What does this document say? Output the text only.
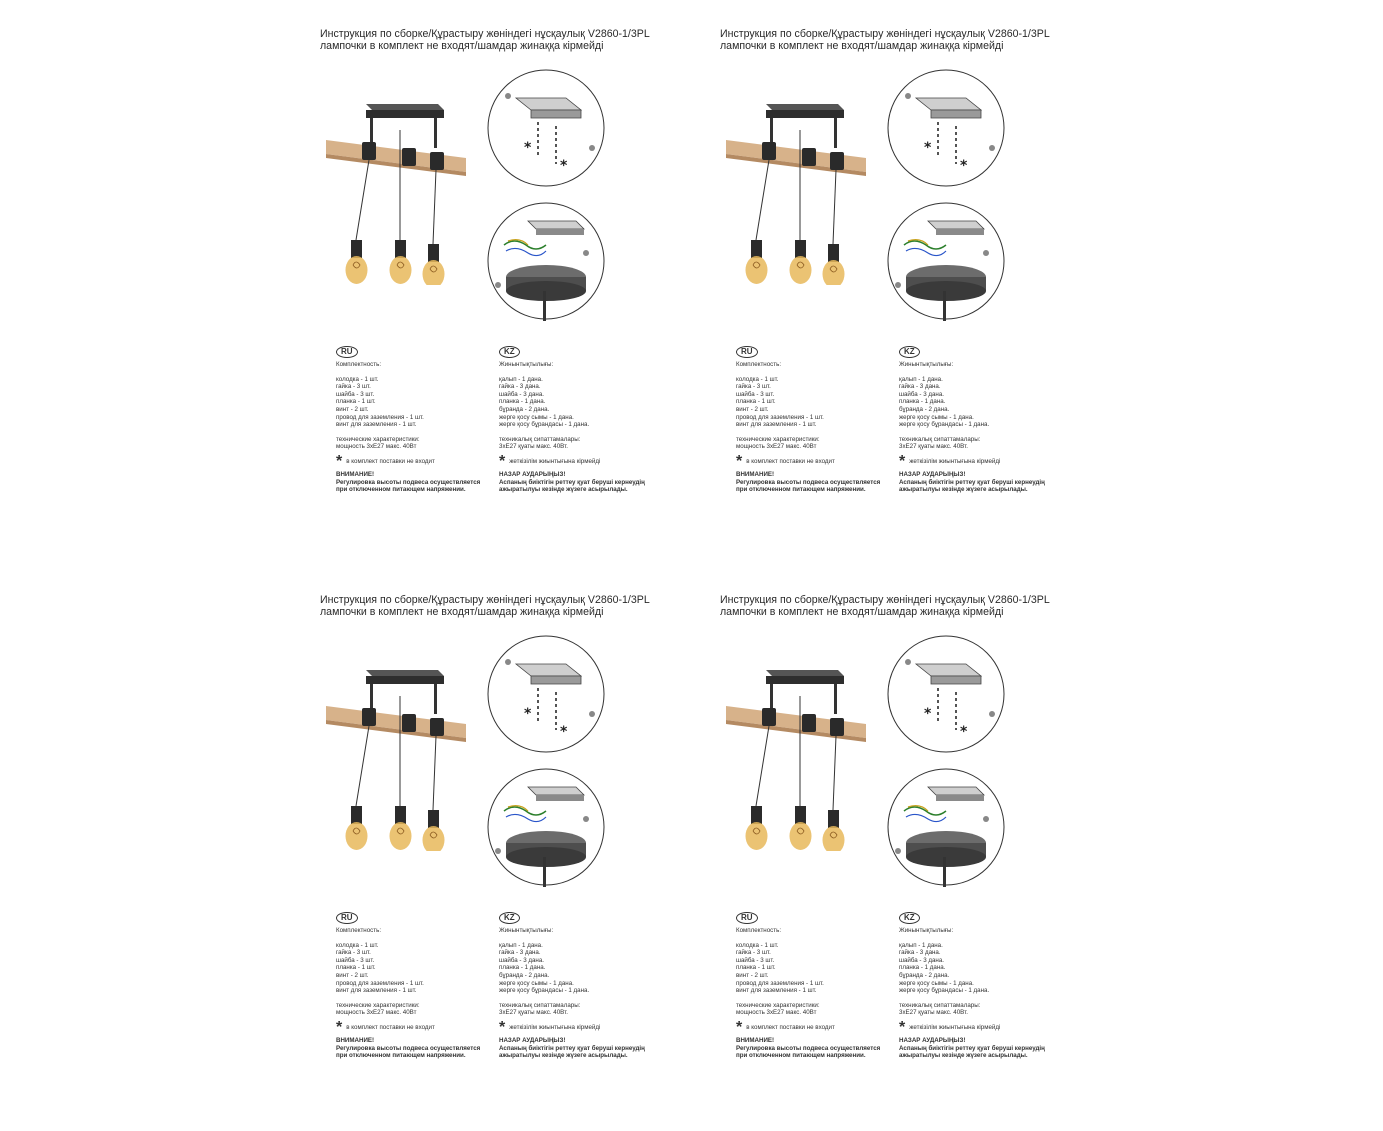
Инструкция по сборке/Құрастыру жөніндегі нұсқаулық V2860-1/3PL
лампочки в комплект не входят/шамдар жинаққа кірмейді
*
*
RU
Комплектность:
колодка - 1 шт.
гайка - 3 шт.
шайба - 3 шт.
планка - 1 шт.
винт - 2 шт.
провод для заземления - 1 шт.
винт для заземления - 1 шт.
технические характеристики:
мощность 3xE27 макс. 40Вт
* в комплект поставки не входит
ВНИМАНИЕ!
Регулировка высоты подвеса осуществляется
при отключенном питающем напряжении.
KZ
Жинынтықтылығы:
қалып - 1 дана.
гайка - 3 дана.
шайба - 3 дана.
планка - 1 дана.
бұранда - 2 дана.
жерге қосу сымы - 1 дана.
жерге қосу бұрандасы - 1 дана.
техникалық сипаттамалары:
3xE27 қуаты макс. 40Вт.
* жеткізілім жиынтығына кірмейді
НАЗАР АУДАРЫҢЫЗ!
Аспаның биіктігін реттеу қуат беруші кернеудің
ажыратылуы кезінде жүзеге асырылады.
Инструкция по сборке/Құрастыру жөніндегі нұсқаулық V2860-1/3PL
лампочки в комплект не входят/шамдар жинаққа кірмейді
*
*
RU
Комплектность:
колодка - 1 шт.
гайка - 3 шт.
шайба - 3 шт.
планка - 1 шт.
винт - 2 шт.
провод для заземления - 1 шт.
винт для заземления - 1 шт.
технические характеристики:
мощность 3xE27 макс. 40Вт
* в комплект поставки не входит
ВНИМАНИЕ!
Регулировка высоты подвеса осуществляется
при отключенном питающем напряжении.
KZ
Жинынтықтылығы:
қалып - 1 дана.
гайка - 3 дана.
шайба - 3 дана.
планка - 1 дана.
бұранда - 2 дана.
жерге қосу сымы - 1 дана.
жерге қосу бұрандасы - 1 дана.
техникалық сипаттамалары:
3xE27 қуаты макс. 40Вт.
* жеткізілім жиынтығына кірмейді
НАЗАР АУДАРЫҢЫЗ!
Аспаның биіктігін реттеу қуат беруші кернеудің
ажыратылуы кезінде жүзеге асырылады.
Инструкция по сборке/Құрастыру жөніндегі нұсқаулық V2860-1/3PL
лампочки в комплект не входят/шамдар жинаққа кірмейді
*
*
RU
Комплектность:
колодка - 1 шт.
гайка - 3 шт.
шайба - 3 шт.
планка - 1 шт.
винт - 2 шт.
провод для заземления - 1 шт.
винт для заземления - 1 шт.
технические характеристики:
мощность 3xE27 макс. 40Вт
* в комплект поставки не входит
ВНИМАНИЕ!
Регулировка высоты подвеса осуществляется
при отключенном питающем напряжении.
KZ
Жинынтықтылығы:
қалып - 1 дана.
гайка - 3 дана.
шайба - 3 дана.
планка - 1 дана.
бұранда - 2 дана.
жерге қосу сымы - 1 дана.
жерге қосу бұрандасы - 1 дана.
техникалық сипаттамалары:
3xE27 қуаты макс. 40Вт.
* жеткізілім жиынтығына кірмейді
НАЗАР АУДАРЫҢЫЗ!
Аспаның биіктігін реттеу қуат беруші кернеудің
ажыратылуы кезінде жүзеге асырылады.
Инструкция по сборке/Құрастыру жөніндегі нұсқаулық V2860-1/3PL
лампочки в комплект не входят/шамдар жинаққа кірмейді
*
*
RU
Комплектность:
колодка - 1 шт.
гайка - 3 шт.
шайба - 3 шт.
планка - 1 шт.
винт - 2 шт.
провод для заземления - 1 шт.
винт для заземления - 1 шт.
технические характеристики:
мощность 3xE27 макс. 40Вт
* в комплект поставки не входит
ВНИМАНИЕ!
Регулировка высоты подвеса осуществляется
при отключенном питающем напряжении.
KZ
Жинынтықтылығы:
қалып - 1 дана.
гайка - 3 дана.
шайба - 3 дана.
планка - 1 дана.
бұранда - 2 дана.
жерге қосу сымы - 1 дана.
жерге қосу бұрандасы - 1 дана.
техникалық сипаттамалары:
3xE27 қуаты макс. 40Вт.
* жеткізілім жиынтығына кірмейді
НАЗАР АУДАРЫҢЫЗ!
Аспаның биіктігін реттеу қуат беруші кернеудің
ажыратылуы кезінде жүзеге асырылады.
